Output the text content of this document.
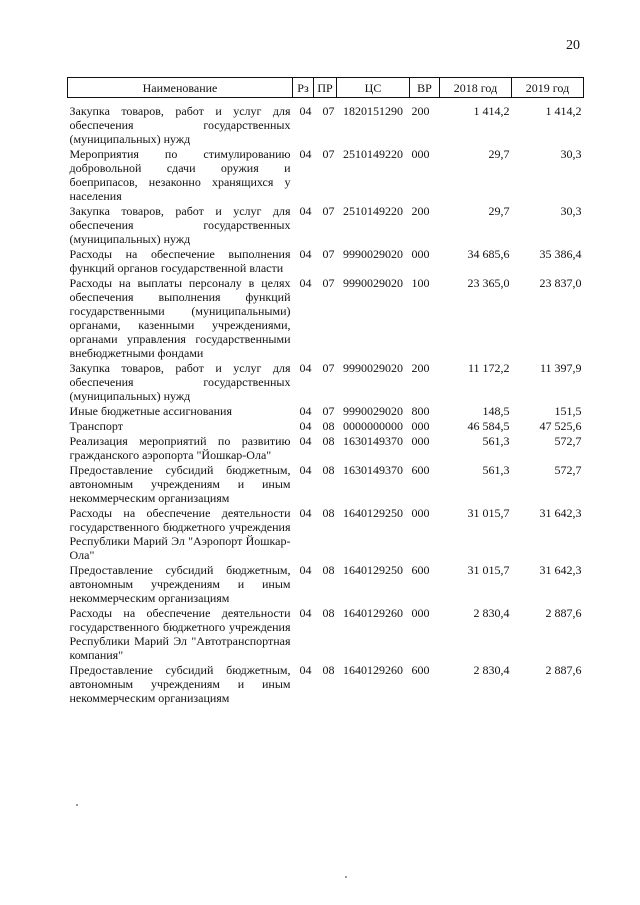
20
Наименование	Рз	ПР	ЦС	ВР	2018 год	2019 год

Закупка товаров, работ и услуг для обеспечения государственных (муниципальных) нужд	04	07	1820151290	200	1 414,2	1 414,2
Мероприятия по стимулированию добровольной сдачи оружия и боеприпасов, незаконно хранящихся у населения	04	07	2510149220	000	29,7	30,3
Закупка товаров, работ и услуг для обеспечения государственных (муниципальных) нужд	04	07	2510149220	200	29,7	30,3
Расходы на обеспечение выполнения функций органов государственной власти	04	07	9990029020	000	34 685,6	35 386,4
Расходы на выплаты персоналу в целях обеспечения выполнения функций государственными (муниципальными) органами, казенными учреждениями, органами управления государственными внебюджетными фондами	04	07	9990029020	100	23 365,0	23 837,0
Закупка товаров, работ и услуг для обеспечения государственных (муниципальных) нужд	04	07	9990029020	200	11 172,2	11 397,9
Иные бюджетные ассигнования	04	07	9990029020	800	148,5	151,5
Транспорт	04	08	0000000000	000	46 584,5	47 525,6
Реализация мероприятий по развитию гражданского аэропорта "Йошкар-Ола"	04	08	1630149370	000	561,3	572,7
Предоставление субсидий бюджетным, автономным учреждениям и иным некоммерческим организациям	04	08	1630149370	600	561,3	572,7
Расходы на обеспечение деятельности государственного бюджетного учреждения Республики Марий Эл "Аэропорт Йошкар-Ола"	04	08	1640129250	000	31 015,7	31 642,3
Предоставление субсидий бюджетным, автономным учреждениям и иным некоммерческим организациям	04	08	1640129250	600	31 015,7	31 642,3
Расходы на обеспечение деятельности государственного бюджетного учреждения Республики Марий Эл "Автотранспортная компания"	04	08	1640129260	000	2 830,4	2 887,6
Предоставление субсидий бюджетным, автономным учреждениям и иным некоммерческим организациям	04	08	1640129260	600	2 830,4	2 887,6
